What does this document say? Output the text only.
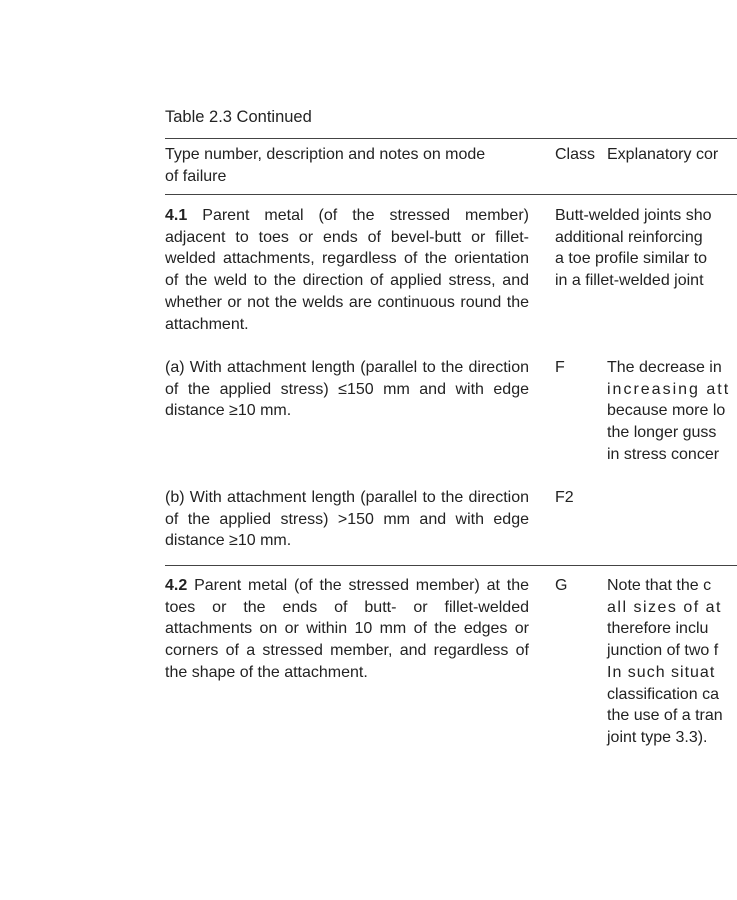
Table 2.3 Continued
Type number, description and notes on mode
of failure
Class Explanatory cor
4.1 Parent metal (of the stressed member) adjacent to toes or ends of bevel-butt or fillet-welded attachments, regardless of the orientation of the weld to the direction of applied stress, and whether or not the welds are continuous round the attachment.
Butt-welded joints sho
additional reinforcing
a toe profile similar to
in a fillet-welded joint
(a) With attachment length (parallel to the direction of the applied stress) ≤150 mm and with edge distance ≥10 mm.
F	The decrease in
increasing att
because more lo
the longer guss
in stress concer
(b) With attachment length (parallel to the direction of the applied stress) >150 mm and with edge distance ≥10 mm.
F2
4.2 Parent metal (of the stressed member) at the toes or the ends of butt- or fillet-welded attachments on or within 10 mm of the edges or corners of a stressed member, and regardless of the shape of the attachment.
G Note that the c
all sizes of at
therefore inclu
junction of two f
In such situat
classification ca
the use of a tran
joint type 3.3).
